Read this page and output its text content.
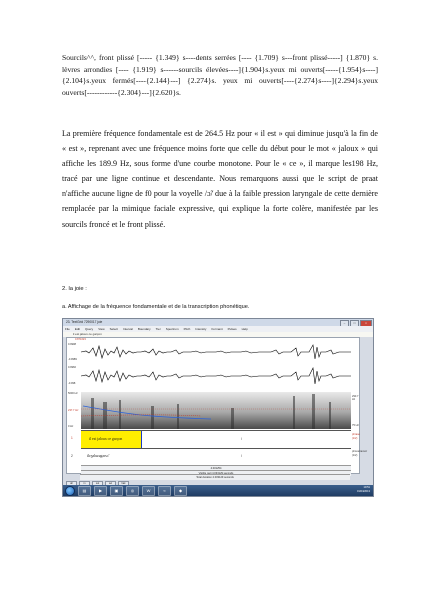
Sourcils^^, front plissé [----- {1.349} s----dents serrées [---- {1.709} s---front plissé-----] {1.870} s. lèvres arrondies [---- {1.919} s------sourcils élevées----]{1.904}s.yeux mi ouverts[-----{1.954}s----]{2.104}s.yeux fermés[----{2.144}---] {2.274}s. yeux mi ouverts[----{2.274}s----]{2.294}s.yeux ouverts[------------{2.304}---]{2.620}s.

La première fréquence fondamentale est de 264.5 Hz pour « il est » qui diminue jusqu'à la fin de « est », reprenant avec une fréquence moins forte que celle du début pour le mot « jaloux » qui affiche les 189.9 Hz, sous forme d'une courbe monotone. Pour le « ce », il marque les198 Hz, tracé par une ligne continue et descendante. Nous remarquons aussi que le script de praat n'affiche aucune ligne de f0 pour la voyelle /ɔ̃/ due à la faible pression laryngale de cette dernière remplacée par la mimique faciale expressive, qui explique la forte colère, manifestée par les sourcils froncé et le front plissé.

2. la joie :

a. Affichage de la fréquence fondamentale et de la transcription phonétique.

23. TextGrid 7290017 joie	–	□	×
File Edit Query View Select Interval Boundary Tier Spectrum Pitch Intensity Formant Pulses Help
il est jaloux ce garçon
0.871623
0.9998
-0.9989
0.9966
-0.998
5000 Hz
237.7 Hz
0 Hz
293.7 Hz
75 Hz
il est jaloux ce garçon	/
1
phrase
(1/2)
ilɛʒaluzəgarsɔ̃	/
2
phonetranscr
(1/2)
4.031254
Total duration 4.033129 seconds
all	in	out	sel	bak
▤	▶	▣	◎	W	≈	◆	19:51
01/04/2013
